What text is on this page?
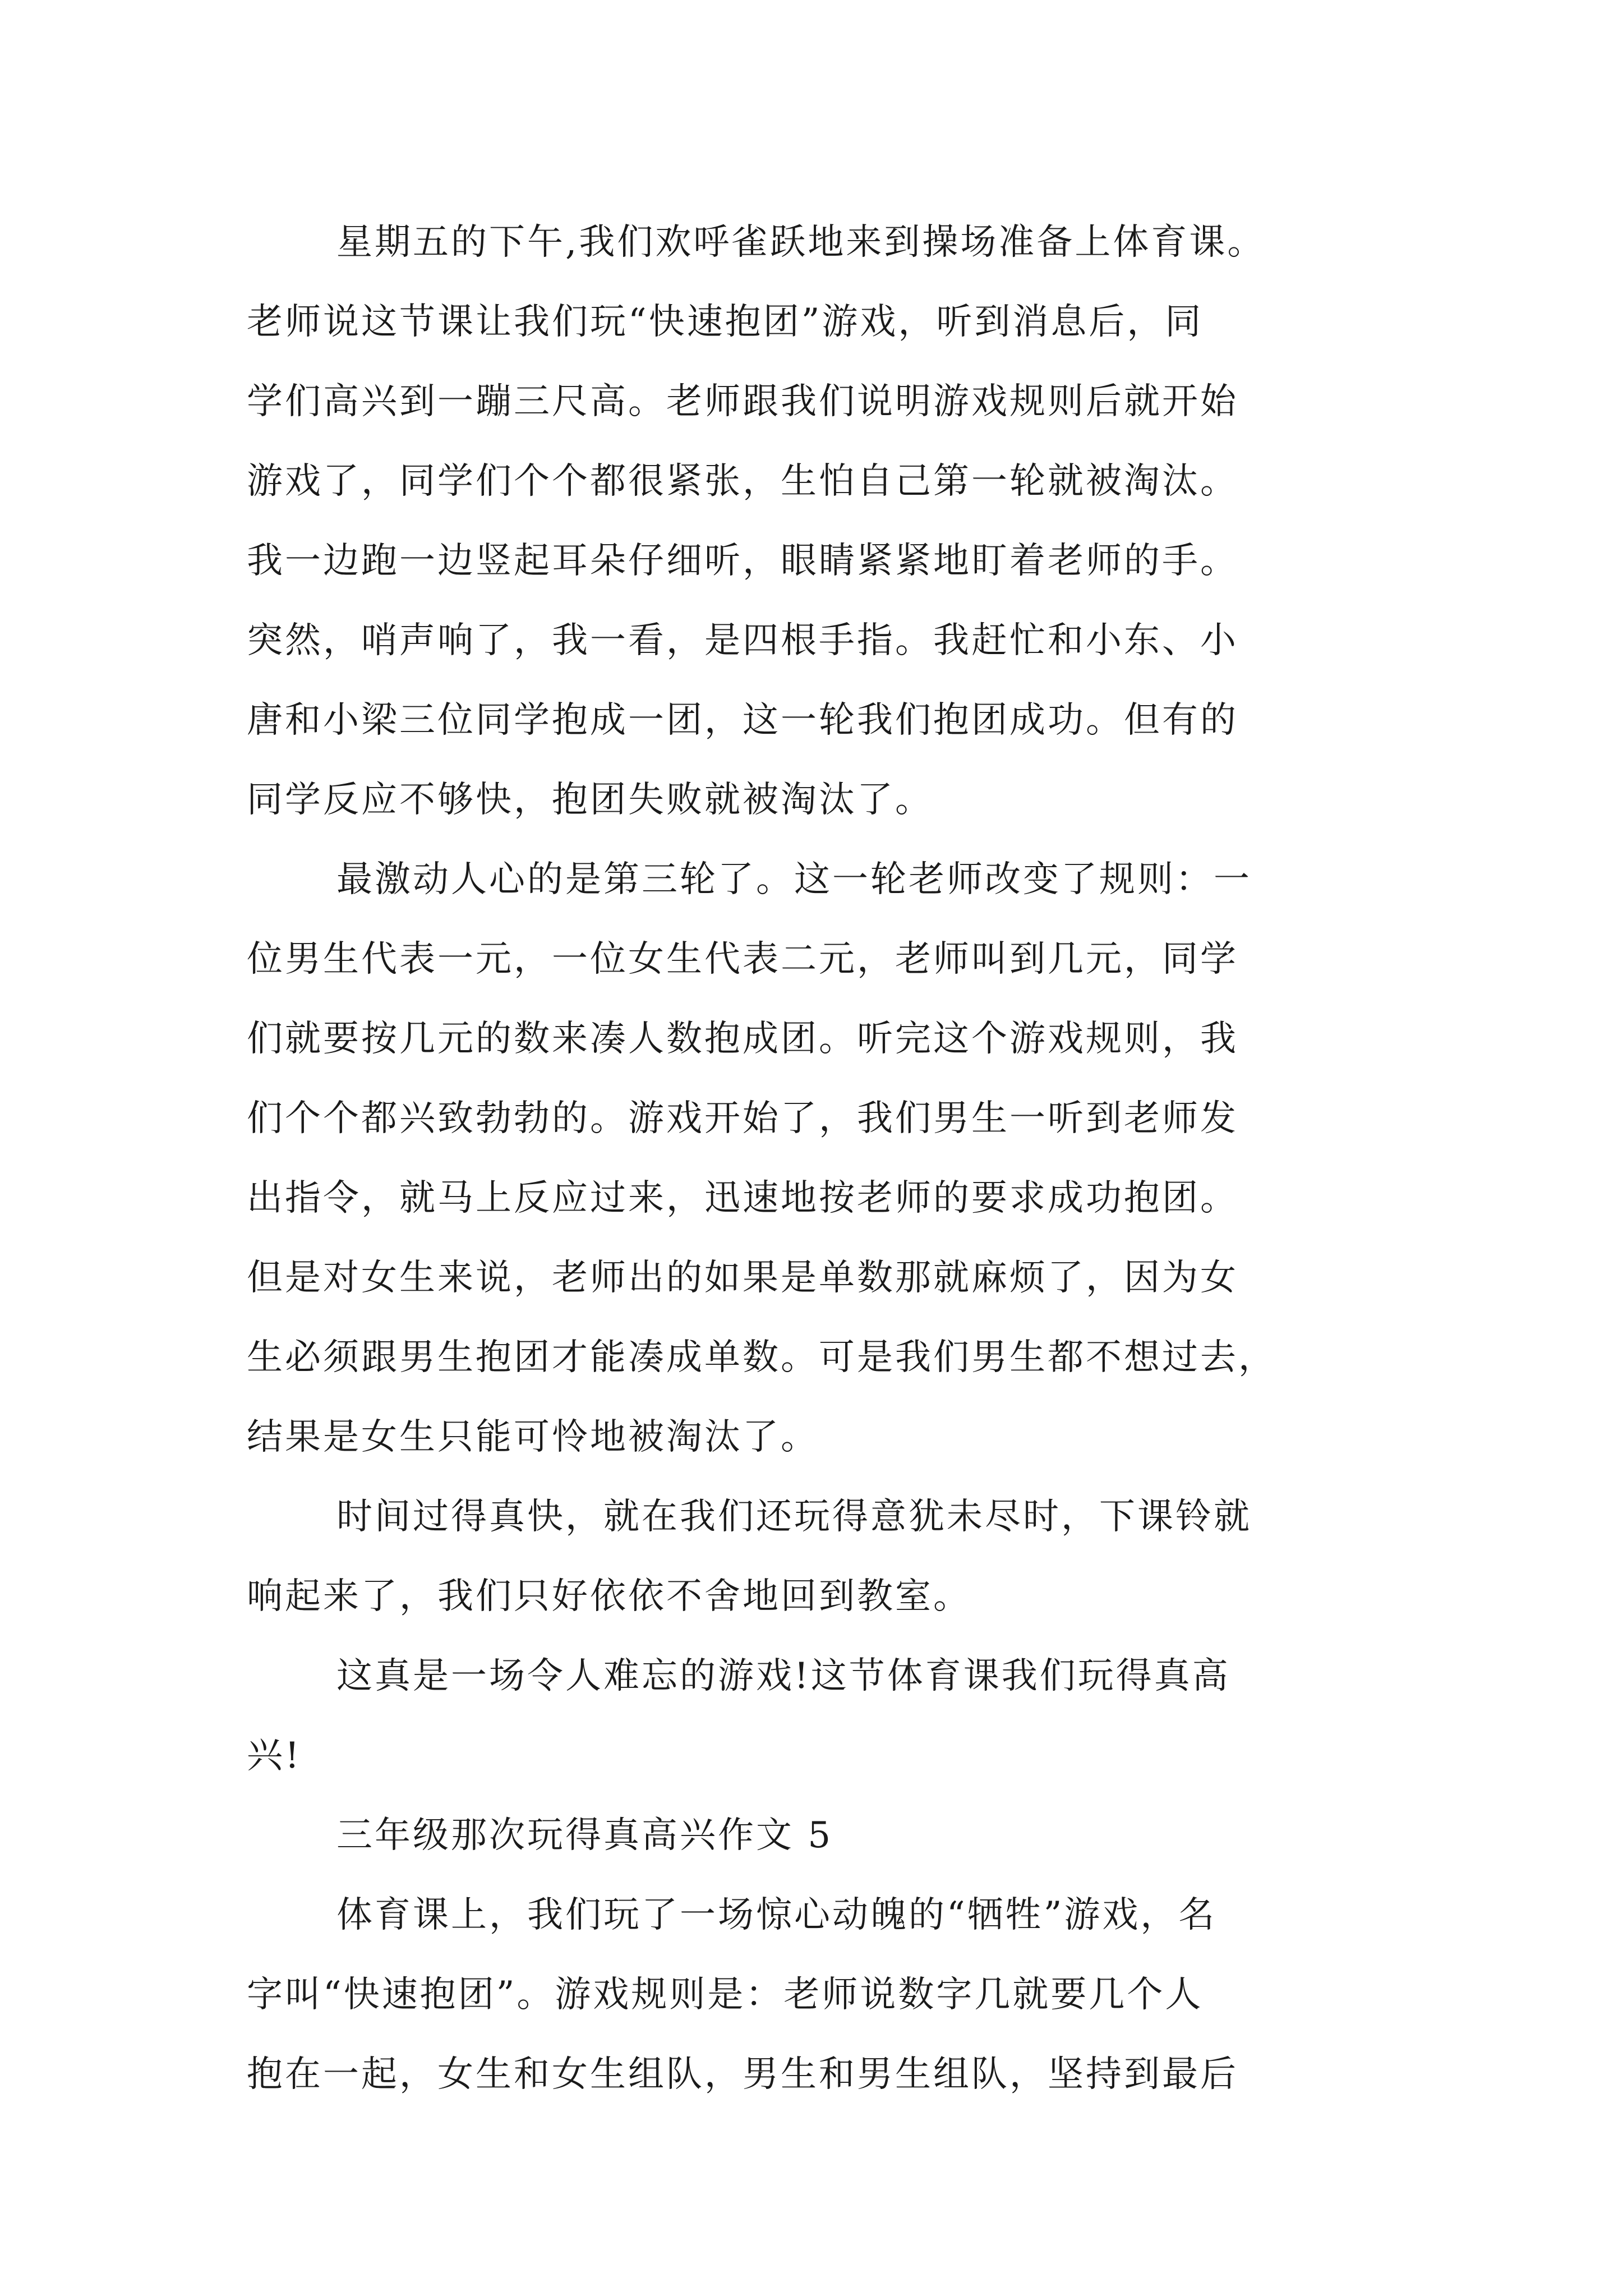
星期五的下午,我们欢呼雀跃地来到操场准备上体育课。
老师说这节课让我们玩“快速抱团”游戏，听到消息后，同
学们高兴到一蹦三尺高。老师跟我们说明游戏规则后就开始
游戏了，同学们个个都很紧张，生怕自己第一轮就被淘汰。
我一边跑一边竖起耳朵仔细听，眼睛紧紧地盯着老师的手。
突然，哨声响了，我一看，是四根手指。我赶忙和小东、小
唐和小梁三位同学抱成一团，这一轮我们抱团成功。但有的
同学反应不够快，抱团失败就被淘汰了。
最激动人心的是第三轮了。这一轮老师改变了规则：一
位男生代表一元，一位女生代表二元，老师叫到几元，同学
们就要按几元的数来凑人数抱成团。听完这个游戏规则，我
们个个都兴致勃勃的。游戏开始了，我们男生一听到老师发
出指令，就马上反应过来，迅速地按老师的要求成功抱团。
但是对女生来说，老师出的如果是单数那就麻烦了，因为女
生必须跟男生抱团才能凑成单数。可是我们男生都不想过去，
结果是女生只能可怜地被淘汰了。
时间过得真快，就在我们还玩得意犹未尽时，下课铃就
响起来了，我们只好依依不舍地回到教室。
这真是一场令人难忘的游戏!这节体育课我们玩得真高
兴!
三年级那次玩得真高兴作文 5
体育课上，我们玩了一场惊心动魄的“牺牲”游戏，名
字叫“快速抱团”。游戏规则是：老师说数字几就要几个人
抱在一起，女生和女生组队，男生和男生组队，坚持到最后
